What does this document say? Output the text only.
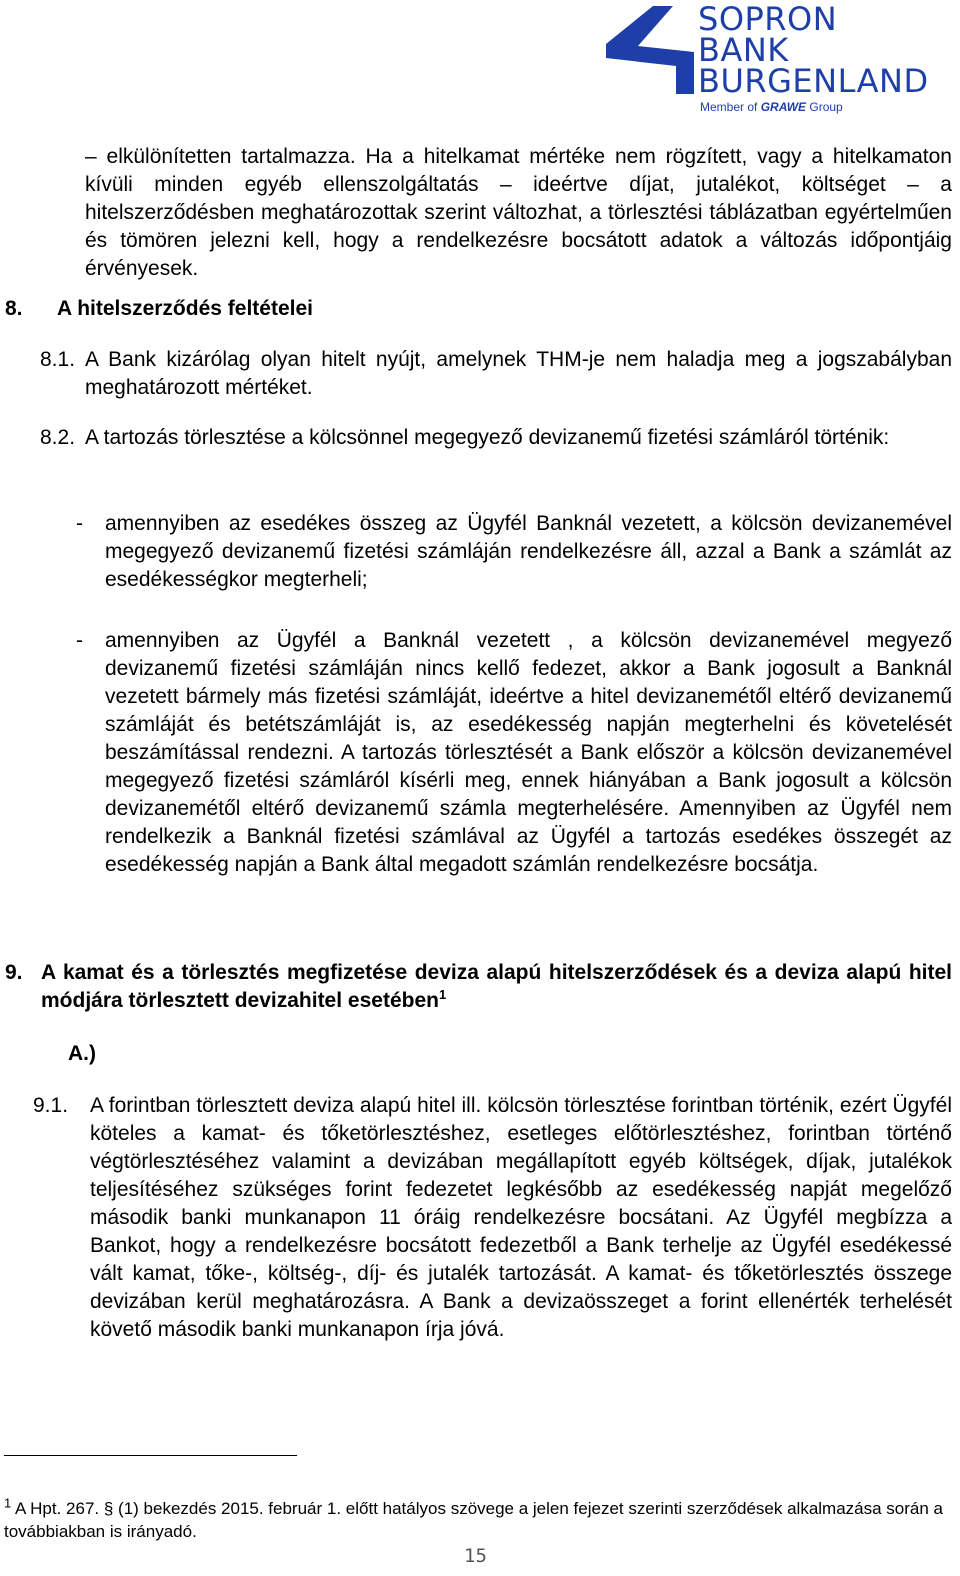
SOPRON
BANK
BURGENLAND
Member of GRAWE Group
– elkülönítetten tartalmazza. Ha a hitelkamat mértéke nem rögzített, vagy a hitelkamaton kívüli minden egyéb ellenszolgáltatás – ideértve díjat, jutalékot, költséget – a hitelszerződésben meghatározottak szerint változhat, a törlesztési táblázatban egyértelműen és tömören jelezni kell, hogy a rendelkezésre bocsátott adatok a változás időpontjáig érvényesek.
8. A hitelszerződés feltételei
8.1. A Bank kizárólag olyan hitelt nyújt, amelynek THM-je nem haladja meg a jogszabályban meghatározott mértéket.
8.2. A tartozás törlesztése a kölcsönnel megegyező devizanemű fizetési számláról történik:
- amennyiben az esedékes összeg az Ügyfél Banknál vezetett, a kölcsön devizanemével megegyező devizanemű fizetési számláján rendelkezésre áll, azzal a Bank a számlát az esedékességkor megterheli;
- amennyiben az Ügyfél a Banknál vezetett , a kölcsön devizanemével megyező devizanemű fizetési számláján nincs kellő fedezet, akkor a Bank jogosult a Banknál vezetett bármely más fizetési számláját, ideértve a hitel devizanemétől eltérő devizanemű számláját és betétszámláját is, az esedékesség napján megterhelni és követelését beszámítással rendezni. A tartozás törlesztését a Bank először a kölcsön devizanemével megegyező fizetési számláról kísérli meg, ennek hiányában a Bank jogosult a kölcsön devizanemétől eltérő devizanemű számla megterhelésére. Amennyiben az Ügyfél nem rendelkezik a Banknál fizetési számlával az Ügyfél a tartozás esedékes összegét az esedékesség napján a Bank által megadott számlán rendelkezésre bocsátja.
9. A kamat és a törlesztés megfizetése deviza alapú hitelszerződések és a deviza alapú hitel módjára törlesztett devizahitel esetében$^1$
A.)
9.1. A forintban törlesztett deviza alapú hitel ill. kölcsön törlesztése forintban történik, ezért Ügyfél köteles a kamat- és tőketörlesztéshez, esetleges előtörlesztéshez, forintban történő végtörlesztéséhez valamint a devizában megállapított egyéb költségek, díjak, jutalékok teljesítéséhez szükséges forint fedezetet legkésőbb az esedékesség napját megelőző második banki munkanapon 11 óráig rendelkezésre bocsátani. Az Ügyfél megbízza a Bankot, hogy a rendelkezésre bocsátott fedezetből a Bank terhelje az Ügyfél esedékessé vált kamat, tőke-, költség-, díj- és jutalék tartozását. A kamat- és tőketörlesztés összege devizában kerül meghatározásra. A Bank a devizaösszeget a forint ellenérték terhelését követő második banki munkanapon írja jóvá.
$^1$ A Hpt. 267. § (1) bekezdés 2015. február 1. előtt hatályos szövege a jelen fejezet szerinti szerződések alkalmazása során a továbbiakban is irányadó.
15
